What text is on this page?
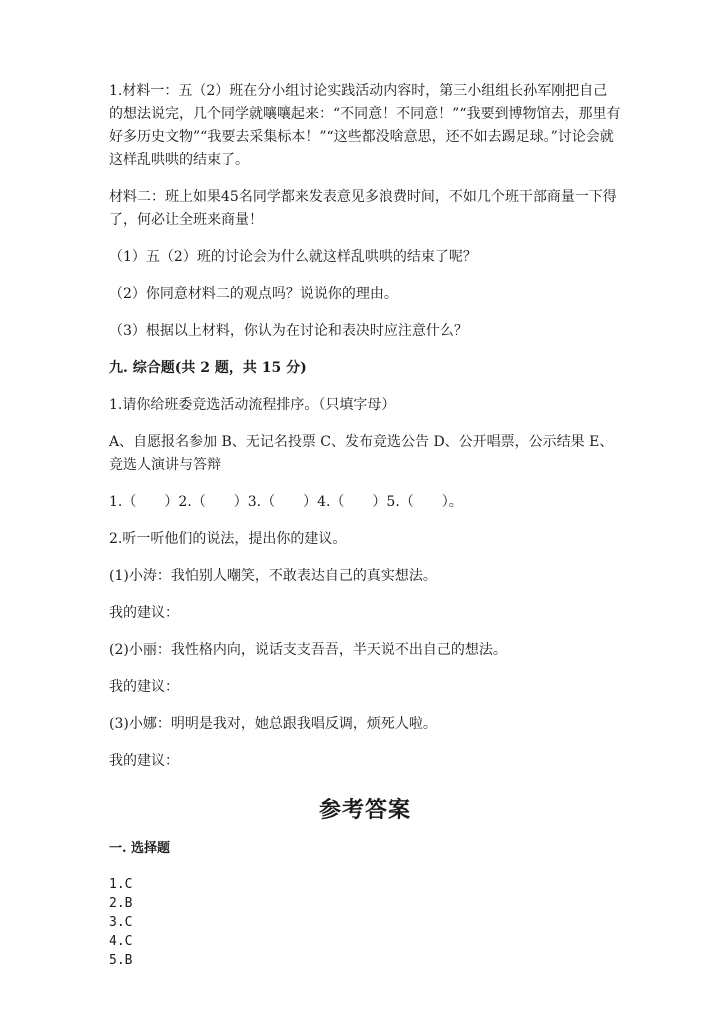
1.材料一：五（2）班在分小组讨论实践活动内容时，第三小组组长孙军刚把自己的想法说完，几个同学就嚷嚷起来：“不同意！不同意！”“我要到博物馆去，那里有好多历史文物”“我要去采集标本！”“这些都没啥意思，还不如去踢足球。”讨论会就这样乱哄哄的结束了。

材料二：班上如果45名同学都来发表意见多浪费时间，不如几个班干部商量一下得了，何必让全班来商量！

（1）五（2）班的讨论会为什么就这样乱哄哄的结束了呢？

（2）你同意材料二的观点吗？说说你的理由。

（3）根据以上材料，你认为在讨论和表决时应注意什么？

九. 综合题(共 2 题，共 15 分)

1.请你给班委竞选活动流程排序。（只填字母）

A、自愿报名参加 B、无记名投票 C、发布竞选公告 D、公开唱票，公示结果 E、竞选人演讲与答辩

1.（　　）2.（　　）3.（　　）4.（　　）5.（　　）。

2.听一听他们的说法，提出你的建议。

(1)小涛：我怕别人嘲笑，不敢表达自己的真实想法。

我的建议：

(2)小丽：我性格内向，说话支支吾吾，半天说不出自己的想法。

我的建议：

(3)小娜：明明是我对，她总跟我唱反调，烦死人啦。

我的建议：

参考答案
一. 选择题

1.C

2.B

3.C

4.C

5.B
